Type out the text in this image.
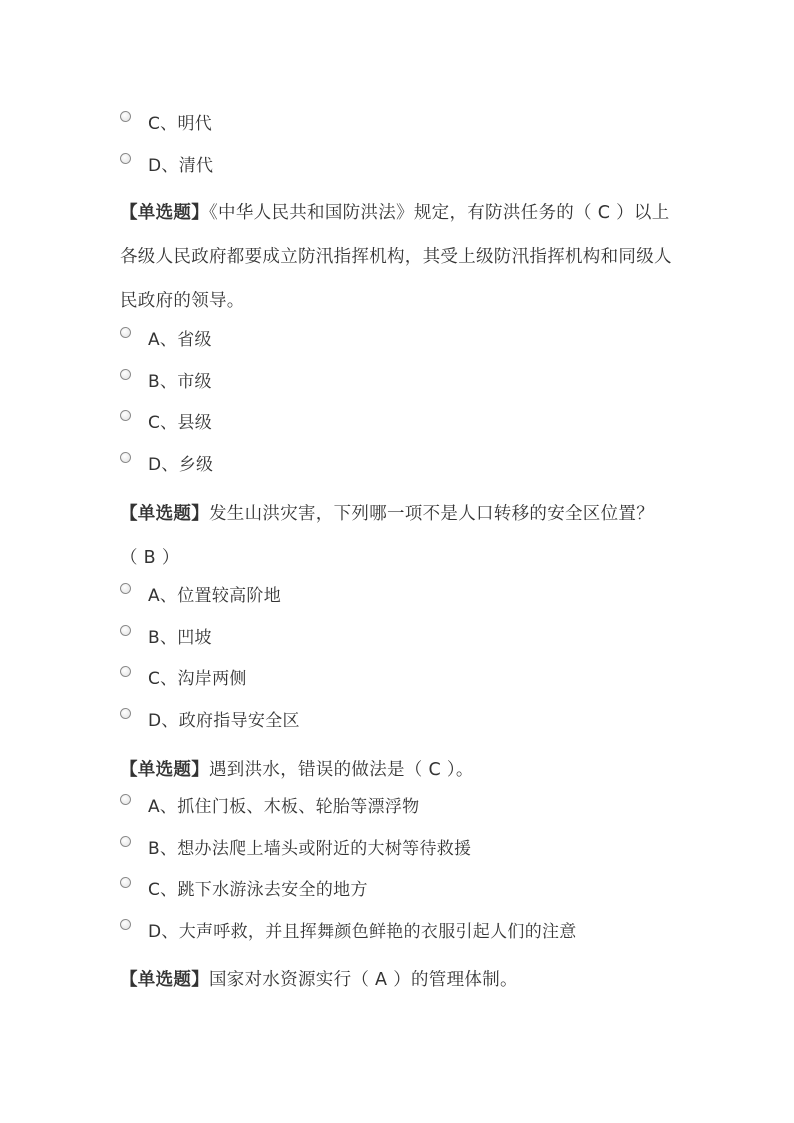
C、明代
D、清代
【单选题】《中华人民共和国防洪法》规定，有防洪任务的（ C ）以上
各级人民政府都要成立防汛指挥机构，其受上级防汛指挥机构和同级人
民政府的领导。
A、省级
B、市级
C、县级
D、乡级
【单选题】发生山洪灾害，下列哪一项不是人口转移的安全区位置？
（ B ）
A、位置较高阶地
B、凹坡
C、沟岸两侧
D、政府指导安全区
【单选题】遇到洪水，错误的做法是（ C ）。
A、抓住门板、木板、轮胎等漂浮物
B、想办法爬上墙头或附近的大树等待救援
C、跳下水游泳去安全的地方
D、大声呼救，并且挥舞颜色鲜艳的衣服引起人们的注意
【单选题】国家对水资源实行（ A ）的管理体制。
